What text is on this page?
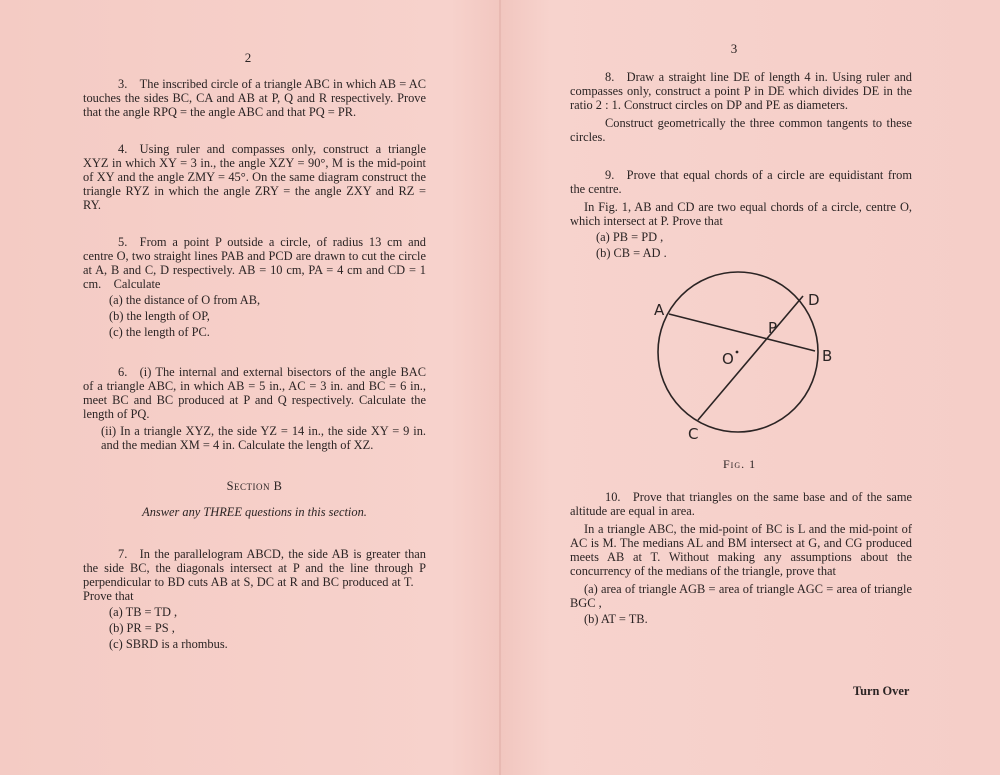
2

3. The inscribed circle of a triangle ABC in which AB = AC touches the sides BC, CA and AB at P, Q and R respectively. Prove that the angle RPQ = the angle ABC and that PQ = PR.

4. Using ruler and compasses only, construct a triangle XYZ in which XY = 3 in., the angle XZY = 90°, M is the mid-point of XY and the angle ZMY = 45°. On the same diagram construct the triangle RYZ in which the angle ZRY = the angle ZXY and RZ = RY.

5. From a point P outside a circle, of radius 13 cm and centre O, two straight lines PAB and PCD are drawn to cut the circle at A, B and C, D respectively. AB = 10 cm, PA = 4 cm and CD = 1 cm. Calculate

(a) the distance of O from AB,

(b) the length of OP,

(c) the length of PC.

6. (i) The internal and external bisectors of the angle BAC of a triangle ABC, in which AB = 5 in., AC = 3 in. and BC = 6 in., meet BC and BC produced at P and Q respectively. Calculate the length of PQ.

(ii) In a triangle XYZ, the side YZ = 14 in., the side XY = 9 in. and the median XM = 4 in. Calculate the length of XZ.

Section B
Answer any THREE questions in this section.

7. In the parallelogram ABCD, the side AB is greater than the side BC, the diagonals intersect at P and the line through P perpendicular to BD cuts AB at S, DC at R and BC produced at T. Prove that

(a) TB = TD ,

(b) PR = PS ,

(c) SBRD is a rhombus.

3

8. Draw a straight line DE of length 4 in. Using ruler and compasses only, construct a point P in DE which divides DE in the ratio 2 : 1. Construct circles on DP and PE as diameters.

Construct geometrically the three common tangents to these circles.

9. Prove that equal chords of a circle are equidistant from the centre.

In Fig. 1, AB and CD are two equal chords of a circle, centre O, which intersect at P. Prove that

(a) PB = PD ,

(b) CB = AD .

A
B
C
D
P
O
Fig. 1

10. Prove that triangles on the same base and of the same altitude are equal in area.

In a triangle ABC, the mid-point of BC is L and the mid-point of AC is M. The medians AL and BM intersect at G, and CG produced meets AB at T. Without making any assumptions about the concurrency of the medians of the triangle, prove that

(a) area of triangle AGB = area of triangle AGC = area of triangle BGC ,

(b) AT = TB.

Turn Over
